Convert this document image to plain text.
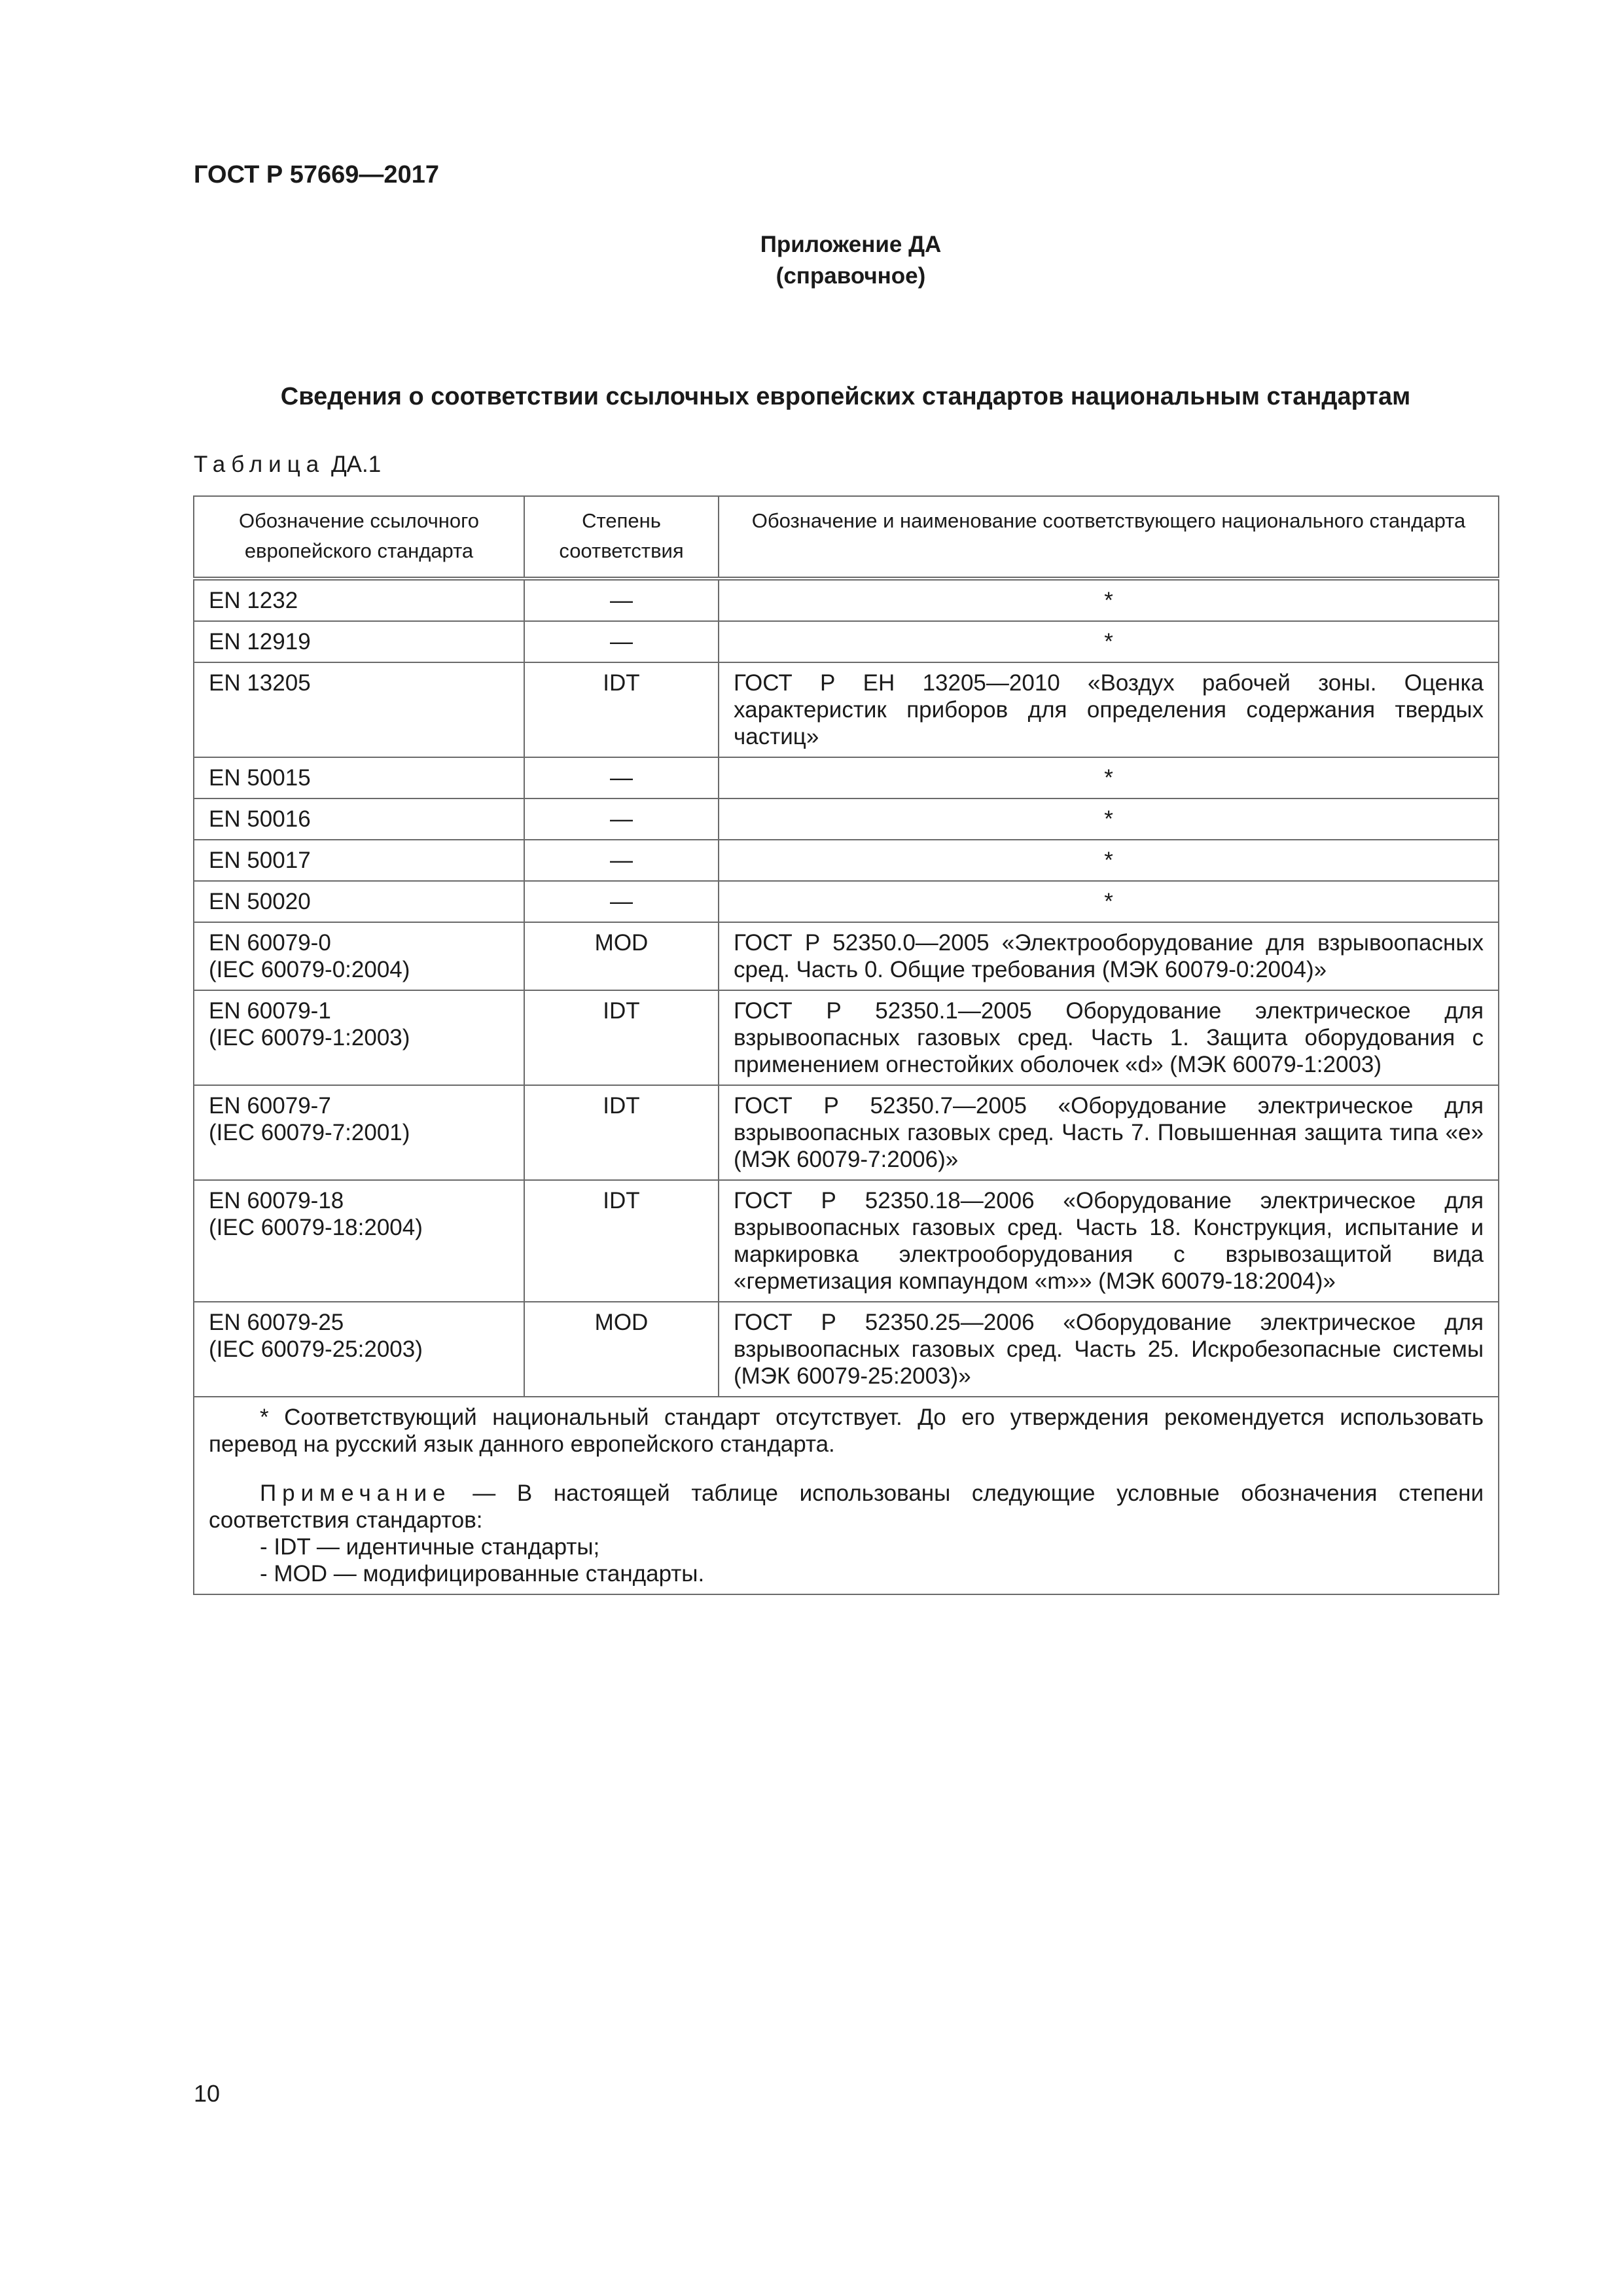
ГОСТ Р 57669—2017
Приложение ДА
(справочное)
Сведения о соответствии ссылочных европейских стандартов национальным стандартам
Таблица ДА.1
Обозначение ссылочного европейского стандарта	Степень соответствия	Обозначение и наименование соответствующего национального стандарта
EN 1232	—	*
EN 12919	—	*
EN 13205	IDT	ГОСТ Р ЕН 13205—2010 «Воздух рабочей зоны. Оценка характеристик приборов для определения содержания твердых частиц»
EN 50015	—	*
EN 50016	—	*
EN 50017	—	*
EN 50020	—	*

EN 60079-0
(IEC 60079-0:2004)	MOD	ГОСТ Р 52350.0—2005 «Электрооборудование для взрывоопасных сред. Часть 0. Общие требования (МЭК 60079-0:2004)»

EN 60079-1
(IEC 60079-1:2003)	IDT	ГОСТ Р 52350.1—2005 Оборудование электрическое для взрывоопасных газовых сред. Часть 1. Защита оборудования с применением огнестойких оболочек «d» (МЭК 60079-1:2003)

EN 60079-7
(IEC 60079-7:2001)	IDT	ГОСТ Р 52350.7—2005 «Оборудование электрическое для взрывоопасных газовых сред. Часть 7. Повышенная защита типа «е» (МЭК 60079-7:2006)»

EN 60079-18
(IEC 60079-18:2004)	IDT	ГОСТ Р 52350.18—2006 «Оборудование электрическое для взрывоопасных газовых сред. Часть 18. Конструкция, испытание и маркировка электрооборудования с взрывозащитой вида «герметизация компаундом «m»» (МЭК 60079-18:2004)»

EN 60079-25
(IEC 60079-25:2003)	MOD	ГОСТ Р 52350.25—2006 «Оборудование электрическое для взрывоопасных газовых сред. Часть 25. Искробезопасные системы (МЭК 60079-25:2003)»

* Соответствующий национальный стандарт отсутствует. До его утверждения рекомендуется использовать перевод на русский язык данного европейского стандарта.

Примечание — В настоящей таблице использованы следующие условные обозначения степени соответствия стандартов:

- IDT — идентичные стандарты;

- MOD — модифицированные стандарты.		

10
